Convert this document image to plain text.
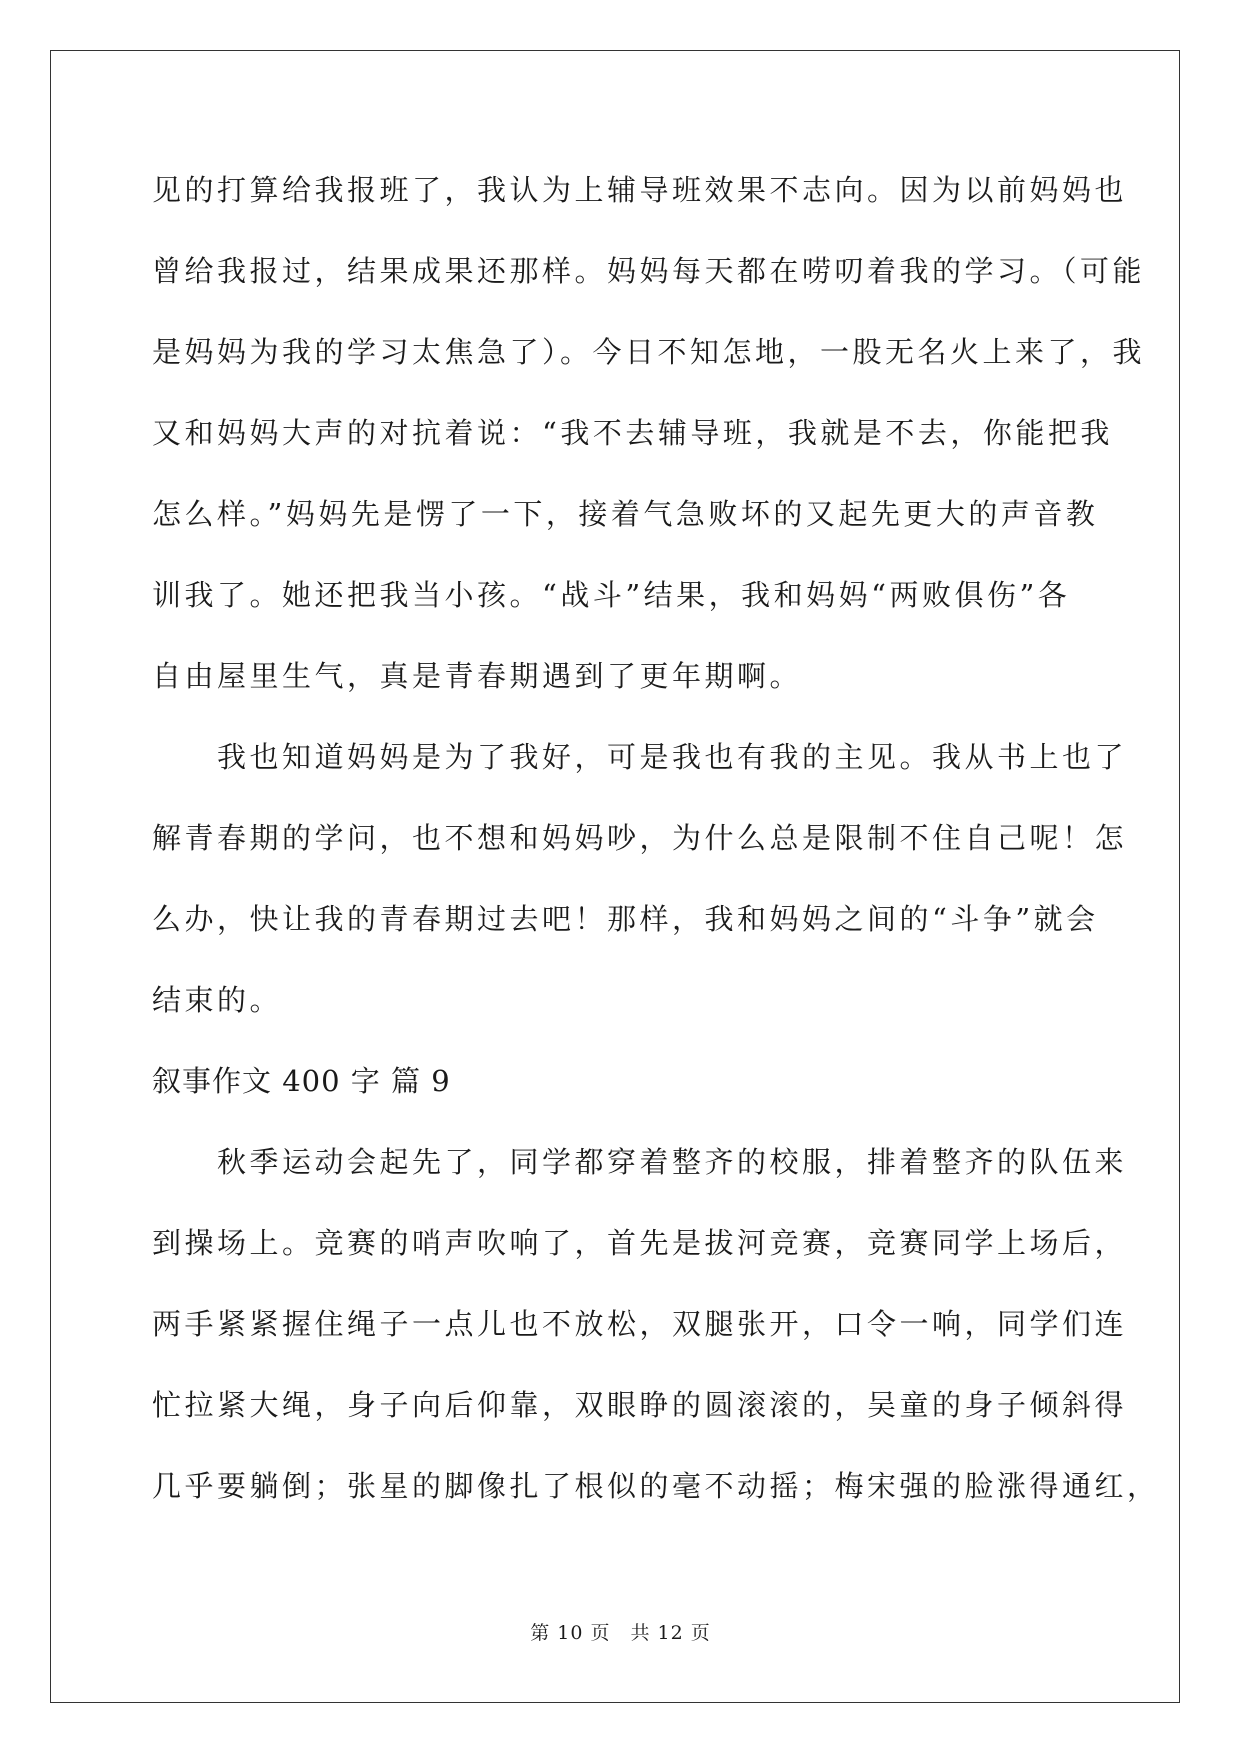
见的打算给我报班了，我认为上辅导班效果不志向。因为以前妈妈也
曾给我报过，结果成果还那样。妈妈每天都在唠叨着我的学习。（可能
是妈妈为我的学习太焦急了）。今日不知怎地，一股无名火上来了，我
又和妈妈大声的对抗着说：“我不去辅导班，我就是不去，你能把我
怎么样。”妈妈先是愣了一下，接着气急败坏的又起先更大的声音教
训我了。她还把我当小孩。“战斗”结果，我和妈妈“两败俱伤”各
自由屋里生气，真是青春期遇到了更年期啊。
　　我也知道妈妈是为了我好，可是我也有我的主见。我从书上也了
解青春期的学问，也不想和妈妈吵，为什么总是限制不住自己呢！怎
么办，快让我的青春期过去吧！那样，我和妈妈之间的“斗争”就会
结束的。
叙事作文 400 字 篇 9
　　秋季运动会起先了，同学都穿着整齐的校服，排着整齐的队伍来
到操场上。竞赛的哨声吹响了，首先是拔河竞赛，竞赛同学上场后，
两手紧紧握住绳子一点儿也不放松，双腿张开，口令一响，同学们连
忙拉紧大绳，身子向后仰靠，双眼睁的圆滚滚的，吴童的身子倾斜得
几乎要躺倒；张星的脚像扎了根似的毫不动摇；梅宋强的脸涨得通红，
第 10 页　共 12 页
